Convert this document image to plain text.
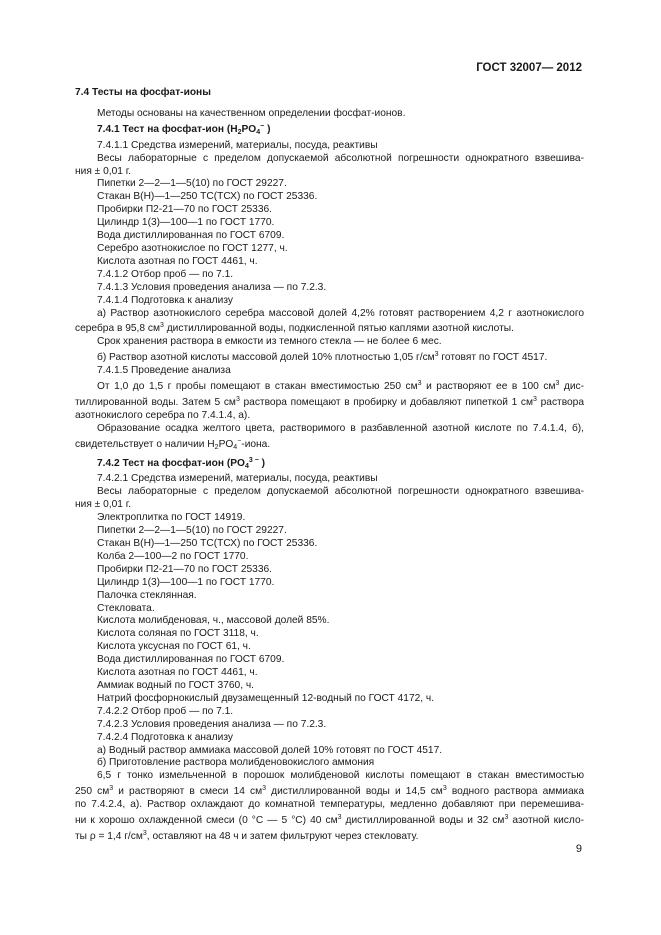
ГОСТ 32007— 2012
7.4 Тесты на фосфат-ионы
Методы основаны на качественном определении фосфат-ионов.
7.4.1 Тест на фосфат-ион ($H_2PO_4^-$ )
7.4.1.1 Средства измерений, материалы, посуда, реактивы
Весы лабораторные с пределом допускаемой абсолютной погрешности однократного взвешива-
ния ± 0,01 г.
Пипетки 2—2—1—5(10) по ГОСТ 29227.
Стакан В(Н)—1—250 ТС(ТСХ) по ГОСТ 25336.
Пробирки П2-21—70 по ГОСТ 25336.
Цилиндр 1(3)—100—1 по ГОСТ 1770.
Вода дистиллированная по ГОСТ 6709.
Серебро азотнокислое по ГОСТ 1277, ч.
Кислота азотная по ГОСТ 4461, ч.
7.4.1.2 Отбор проб — по 7.1.
7.4.1.3 Условия проведения анализа — по 7.2.3.
7.4.1.4 Подготовка к анализу
а) Раствор азотнокислого серебра массовой долей 4,2% готовят растворением 4,2 г азотнокислого
серебра в 95,8 $см^3$ дистиллированной воды, подкисленной пятью каплями азотной кислоты.
Срок хранения раствора в емкости из темного стекла — не более 6 мес.
б) Раствор азотной кислоты массовой долей 10% плотностью 1,05 $г/см^3$ готовят по ГОСТ 4517.
7.4.1.5 Проведение анализа
От 1,0 до 1,5 г пробы помещают в стакан вместимостью 250 $см^3$ и растворяют ее в 100 $см^3$ дис-
тиллированной воды. Затем 5 $см^3$ раствора помещают в пробирку и добавляют пипеткой 1 $см^3$ раствора
азотнокислого серебра по 7.4.1.4, а).
Образование осадка желтого цвета, растворимого в разбавленной азотной кислоте по 7.4.1.4, б),
свидетельствует о наличии $H_2PO_4^-$-иона.
7.4.2 Тест на фосфат-ион ($PO_4^{3 -}$ )
7.4.2.1 Средства измерений, материалы, посуда, реактивы
Весы лабораторные с пределом допускаемой абсолютной погрешности однократного взвешива-
ния ± 0,01 г.
Электроплитка по ГОСТ 14919.
Пипетки 2—2—1—5(10) по ГОСТ 29227.
Стакан В(Н)—1—250 ТС(ТСХ) по ГОСТ 25336.
Колба 2—100—2 по ГОСТ 1770.
Пробирки П2-21—70 по ГОСТ 25336.
Цилиндр 1(3)—100—1 по ГОСТ 1770.
Палочка стеклянная.
Стекловата.
Кислота молибденовая, ч., массовой долей 85%.
Кислота соляная по ГОСТ 3118, ч.
Кислота уксусная по ГОСТ 61, ч.
Вода дистиллированная по ГОСТ 6709.
Кислота азотная по ГОСТ 4461, ч.
Аммиак водный по ГОСТ 3760, ч.
Натрий фосфорнокислый двузамещенный 12-водный по ГОСТ 4172, ч.
7.4.2.2 Отбор проб — по 7.1.
7.4.2.3 Условия проведения анализа — по 7.2.3.
7.4.2.4 Подготовка к анализу
а) Водный раствор аммиака массовой долей 10% готовят по ГОСТ 4517.
б) Приготовление раствора молибденовокислого аммония
6,5 г тонко измельченной в порошок молибденовой кислоты помещают в стакан вместимостью
250 $см^3$ и растворяют в смеси 14 $см^3$ дистиллированной воды и 14,5 $см^3$ водного раствора аммиака
по 7.4.2.4, а). Раствор охлаждают до комнатной температуры, медленно добавляют при перемешива-
ни к хорошо охлажденной смеси (0 °С — 5 °С) 40 $см^3$ дистиллированной воды и 32 $см^3$ азотной кисло-
ты ρ = 1,4 $г/см^3$, оставляют на 48 ч и затем фильтруют через стекловату.
9
